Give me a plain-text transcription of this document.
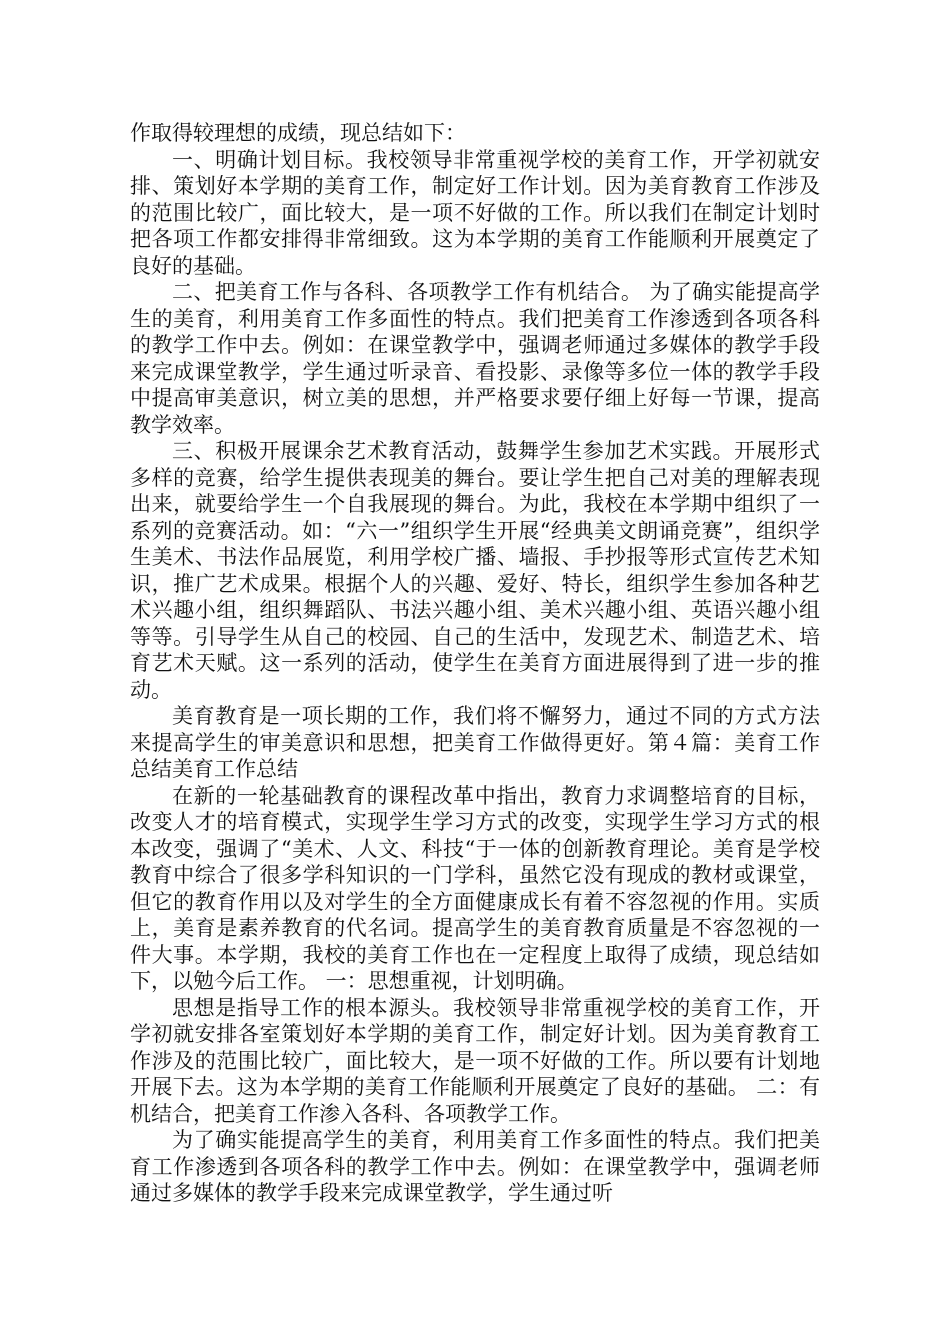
作取得较理想的成绩，现总结如下：

一、明确计划目标。我校领导非常重视学校的美育工作，开学初就安排、策划好本学期的美育工作，制定好工作计划。因为美育教育工作涉及的范围比较广，面比较大，是一项不好做的工作。所以我们在制定计划时把各项工作都安排得非常细致。这为本学期的美育工作能顺利开展奠定了良好的基础。

二、把美育工作与各科、各项教学工作有机结合。 为了确实能提高学生的美育，利用美育工作多面性的特点。我们把美育工作渗透到各项各科的教学工作中去。例如：在课堂教学中，强调老师通过多媒体的教学手段来完成课堂教学，学生通过听录音、看投影、录像等多位一体的教学手段中提高审美意识，树立美的思想，并严格要求要仔细上好每一节课，提高教学效率。

三、积极开展课余艺术教育活动，鼓舞学生参加艺术实践。开展形式多样的竞赛，给学生提供表现美的舞台。要让学生把自己对美的理解表现出来，就要给学生一个自我展现的舞台。为此，我校在本学期中组织了一系列的竞赛活动。如：“六一”组织学生开展“经典美文朗诵竞赛”，组织学生美术、书法作品展览，利用学校广播、墙报、手抄报等形式宣传艺术知识，推广艺术成果。根据个人的兴趣、爱好、特长，组织学生参加各种艺术兴趣小组，组织舞蹈队、书法兴趣小组、美术兴趣小组、英语兴趣小组等等。引导学生从自己的校园、自己的生活中，发现艺术、制造艺术、培育艺术天赋。这一系列的活动，使学生在美育方面进展得到了进一步的推动。

美育教育是一项长期的工作，我们将不懈努力，通过不同的方式方法来提高学生的审美意识和思想，把美育工作做得更好。第４篇：美育工作总结美育工作总结

在新的一轮基础教育的课程改革中指出，教育力求调整培育的目标，改变人才的培育模式，实现学生学习方式的改变，实现学生学习方式的根本改变，强调了“美术、人文、科技“于一体的创新教育理论。美育是学校教育中综合了很多学科知识的一门学科，虽然它没有现成的教材或课堂，但它的教育作用以及对学生的全方面健康成长有着不容忽视的作用。实质上，美育是素养教育的代名词。提高学生的美育教育质量是不容忽视的一件大事。本学期，我校的美育工作也在一定程度上取得了成绩，现总结如下，以勉今后工作。 一：思想重视，计划明确。

思想是指导工作的根本源头。我校领导非常重视学校的美育工作，开学初就安排各室策划好本学期的美育工作，制定好计划。因为美育教育工作涉及的范围比较广，面比较大，是一项不好做的工作。所以要有计划地开展下去。这为本学期的美育工作能顺利开展奠定了良好的基础。 二：有机结合，把美育工作渗入各科、各项教学工作。

为了确实能提高学生的美育，利用美育工作多面性的特点。我们把美育工作渗透到各项各科的教学工作中去。例如：在课堂教学中，强调老师通过多媒体的教学手段来完成课堂教学，学生通过听
